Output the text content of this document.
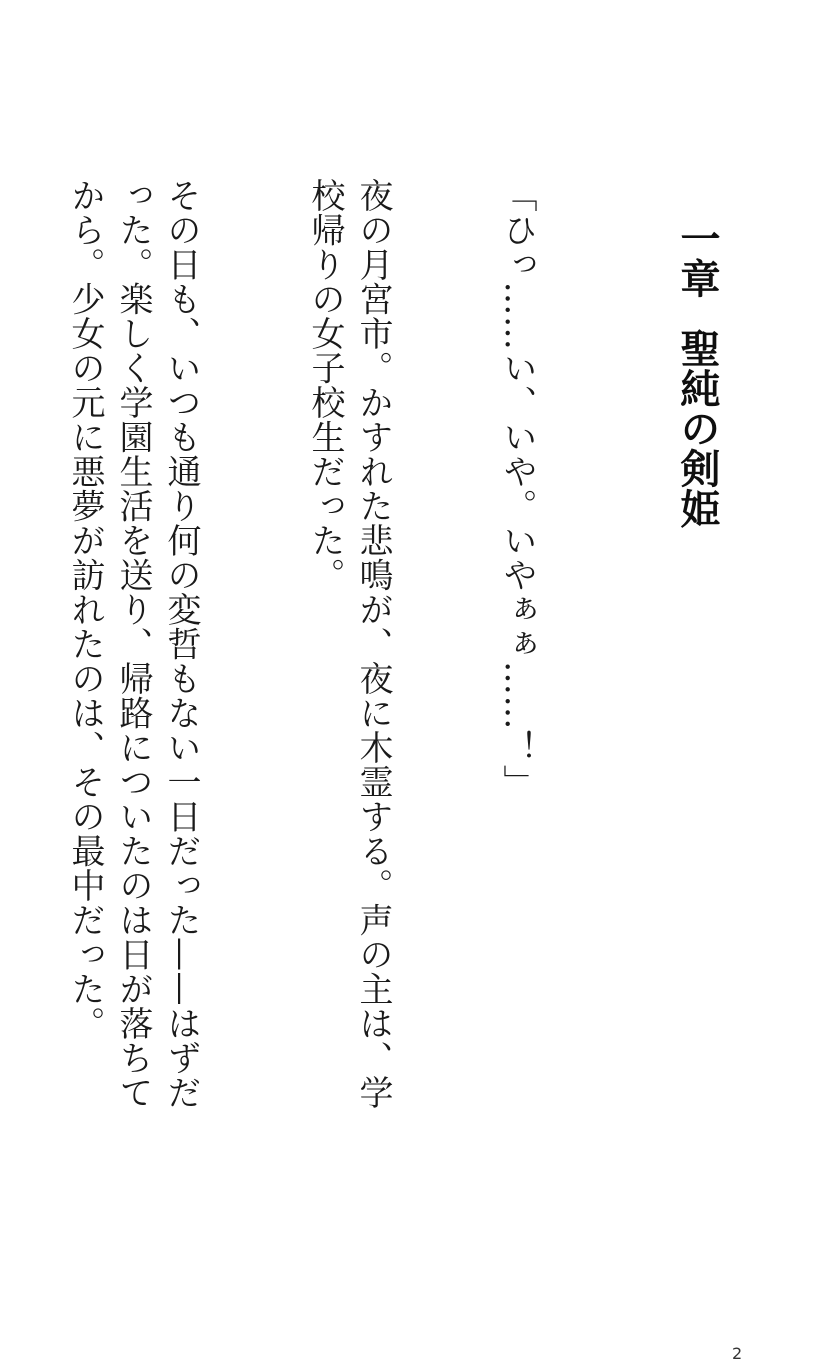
一章聖純の剣姫

「ひっ……い、いや。いやぁぁ……！」

夜の月宮市。かすれた悲鳴が、夜に木霊する。声の主は、学校帰りの女子校生だった。

その日も、いつも通り何の変哲もない一日だった——はずだった。楽しく学園生活を送り、帰路についたのは日が落ちてから。少女の元に悪夢が訪れたのは、その最中だった。

2
